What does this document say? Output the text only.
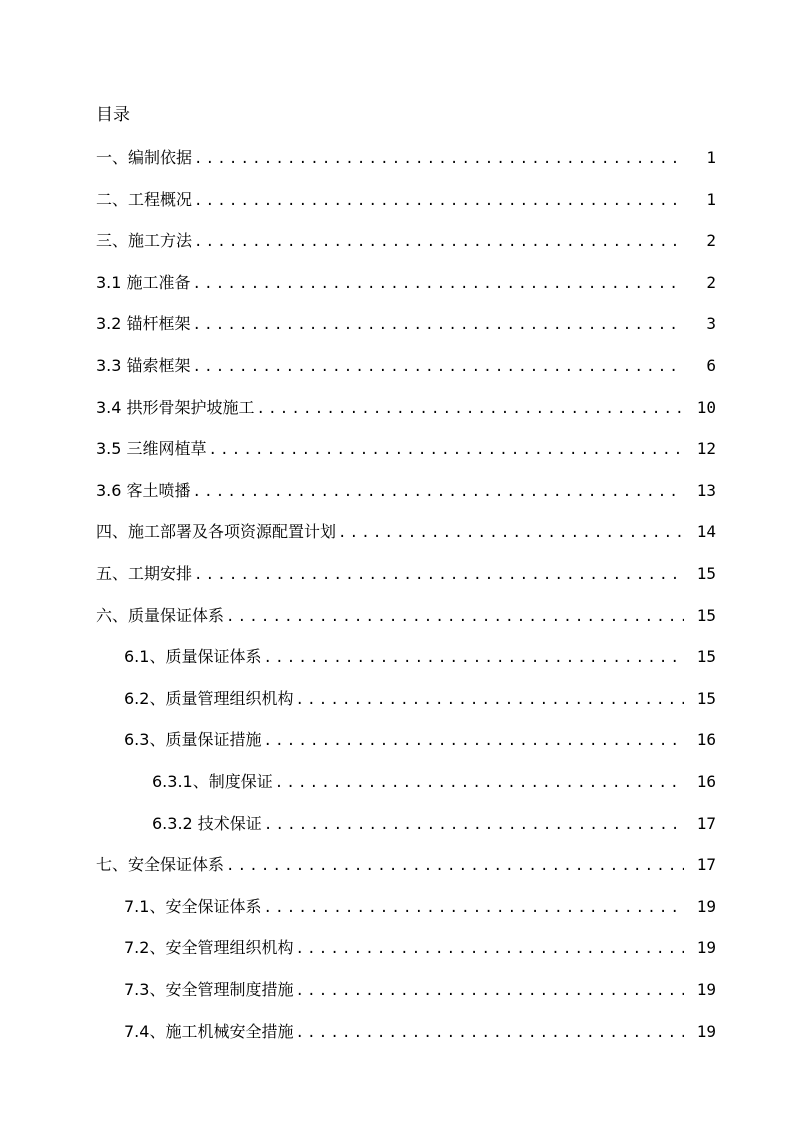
目录
一、编制依据 .....	1
二、工程概况 .....	1
三、施工方法 .....	2
3.1 施工准备 .....	2
3.2 锚杆框架 .....	3
3.3 锚索框架 .....	6
3.4 拱形骨架护坡施工 .....	10
3.5 三维网植草 .....	12
3.6 客土喷播 .....	13
四、施工部署及各项资源配置计划 .....	14
五、工期安排 .....	15
六、质量保证体系 .....	15
6.1、质量保证体系 .....	15
6.2、质量管理组织机构 .....	15
6.3、质量保证措施 .....	16
6.3.1、制度保证 .....	16
6.3.2 技术保证 .....	17
七、安全保证体系 .....	17
7.1、安全保证体系 .....	19
7.2、安全管理组织机构 .....	19
7.3、安全管理制度措施 .....	19
7.4、施工机械安全措施 .....	19
